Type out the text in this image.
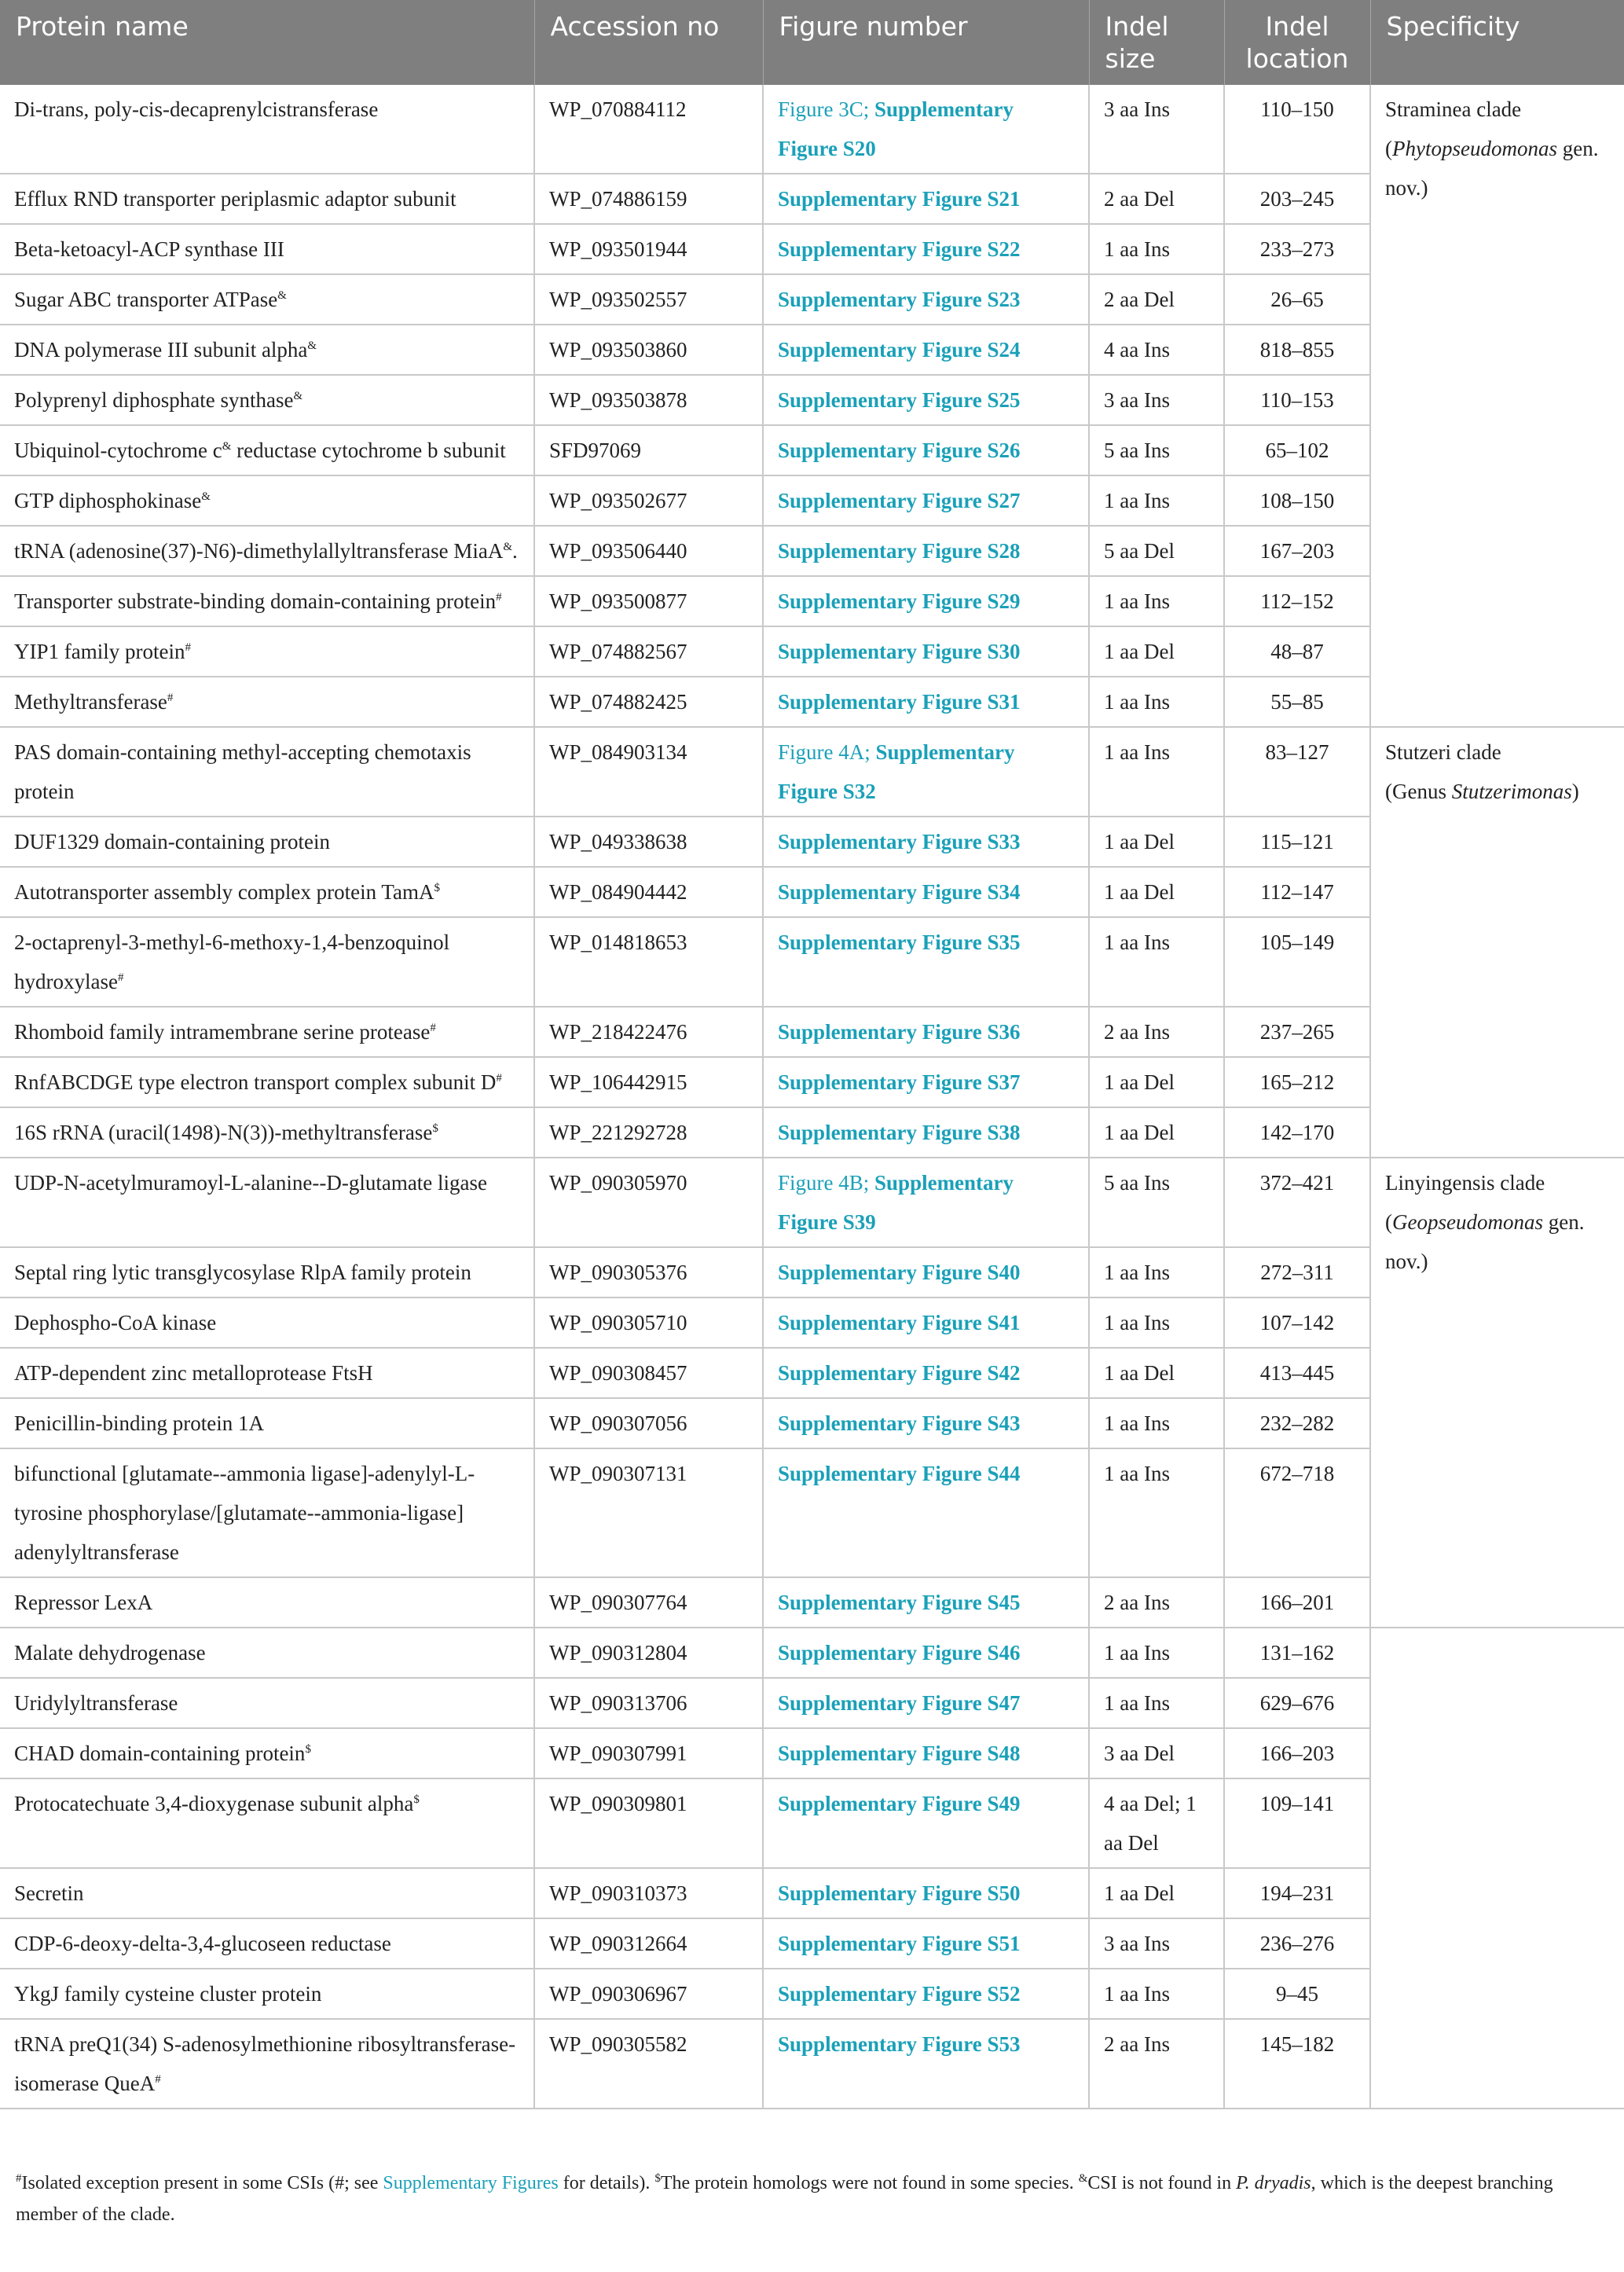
Protein name	Accession no	Figure number	Indel size	Indel location	Specificity
Di-trans, poly-cis-decaprenylcistransferase	WP_070884112	Figure 3C; Supplementary Figure S20	3 aa Ins	110–150	Straminea clade
(Phytopseudomonas gen. nov.)
Efflux RND transporter periplasmic adaptor subunit	WP_074886159	Supplementary Figure S21	2 aa Del	203–245	
Beta-ketoacyl-ACP synthase III	WP_093501944	Supplementary Figure S22	1 aa Ins	233–273	
Sugar ABC transporter ATPase&	WP_093502557	Supplementary Figure S23	2 aa Del	26–65	
DNA polymerase III subunit alpha&	WP_093503860	Supplementary Figure S24	4 aa Ins	818–855	
Polyprenyl diphosphate synthase&	WP_093503878	Supplementary Figure S25	3 aa Ins	110–153	
Ubiquinol-cytochrome c& reductase cytochrome b subunit	SFD97069	Supplementary Figure S26	5 aa Ins	65–102	
GTP diphosphokinase&	WP_093502677	Supplementary Figure S27	1 aa Ins	108–150	
tRNA (adenosine(37)-N6)-dimethylallyltransferase MiaA&.	WP_093506440	Supplementary Figure S28	5 aa Del	167–203	
Transporter substrate-binding domain-containing protein#	WP_093500877	Supplementary Figure S29	1 aa Ins	112–152	
YIP1 family protein#	WP_074882567	Supplementary Figure S30	1 aa Del	48–87	
Methyltransferase#	WP_074882425	Supplementary Figure S31	1 aa Ins	55–85	
PAS domain-containing methyl-accepting chemotaxis protein	WP_084903134	Figure 4A; Supplementary Figure S32	1 aa Ins	83–127	Stutzeri clade
(Genus Stutzerimonas)
DUF1329 domain-containing protein	WP_049338638	Supplementary Figure S33	1 aa Del	115–121	
Autotransporter assembly complex protein TamA$	WP_084904442	Supplementary Figure S34	1 aa Del	112–147	
2-octaprenyl-3-methyl-6-methoxy-1,4-benzoquinol hydroxylase#	WP_014818653	Supplementary Figure S35	1 aa Ins	105–149	
Rhomboid family intramembrane serine protease#	WP_218422476	Supplementary Figure S36	2 aa Ins	237–265	
RnfABCDGE type electron transport complex subunit D#	WP_106442915	Supplementary Figure S37	1 aa Del	165–212	
16S rRNA (uracil(1498)-N(3))-methyltransferase$	WP_221292728	Supplementary Figure S38	1 aa Del	142–170	
UDP-N-acetylmuramoyl-L-alanine--D-glutamate ligase	WP_090305970	Figure 4B; Supplementary Figure S39	5 aa Ins	372–421	Linyingensis clade
(Geopseudomonas gen. nov.)
Septal ring lytic transglycosylase RlpA family protein	WP_090305376	Supplementary Figure S40	1 aa Ins	272–311	
Dephospho-CoA kinase	WP_090305710	Supplementary Figure S41	1 aa Ins	107–142	
ATP-dependent zinc metalloprotease FtsH	WP_090308457	Supplementary Figure S42	1 aa Del	413–445	
Penicillin-binding protein 1A	WP_090307056	Supplementary Figure S43	1 aa Ins	232–282	
bifunctional [glutamate--ammonia ligase]-adenylyl-L-tyrosine phosphorylase/[glutamate--ammonia-ligase] adenylyltransferase	WP_090307131	Supplementary Figure S44	1 aa Ins	672–718	
Repressor LexA	WP_090307764	Supplementary Figure S45	2 aa Ins	166–201	
Malate dehydrogenase	WP_090312804	Supplementary Figure S46	1 aa Ins	131–162	
Uridylyltransferase	WP_090313706	Supplementary Figure S47	1 aa Ins	629–676	
CHAD domain-containing protein$	WP_090307991	Supplementary Figure S48	3 aa Del	166–203	
Protocatechuate 3,4-dioxygenase subunit alpha$	WP_090309801	Supplementary Figure S49	4 aa Del; 1 aa Del	109–141	
Secretin	WP_090310373	Supplementary Figure S50	1 aa Del	194–231	
CDP-6-deoxy-delta-3,4-glucoseen reductase	WP_090312664	Supplementary Figure S51	3 aa Ins	236–276	
YkgJ family cysteine cluster protein	WP_090306967	Supplementary Figure S52	1 aa Ins	9–45	
tRNA preQ1(34) S-adenosylmethionine ribosyltransferase-isomerase QueA#	WP_090305582	Supplementary Figure S53	2 aa Ins	145–182	
#Isolated exception present in some CSIs (#; see Supplementary Figures for details). $The protein homologs were not found in some species. &CSI is not found in P. dryadis, which is the deepest branching member of the clade.
